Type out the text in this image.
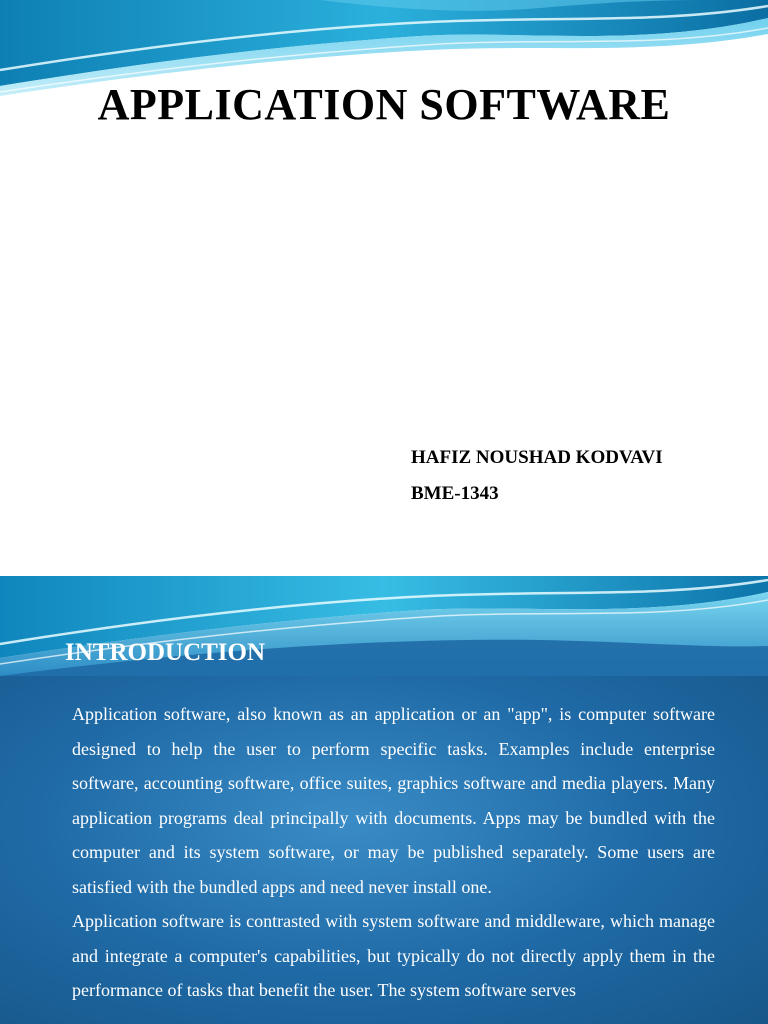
APPLICATION SOFTWARE
HAFIZ NOUSHAD KODVAVI
BME-1343
INTRODUCTION

Application software, also known as an application or an "app", is computer software designed to help the user to perform specific tasks. Examples include enterprise software, accounting software, office suites, graphics software and media players. Many application programs deal principally with documents. Apps may be bundled with the computer and its system software, or may be published separately. Some users are satisfied with the bundled apps and need never install one.

Application software is contrasted with system software and middleware, which manage and integrate a computer's capabilities, but typically do not directly apply them in the performance of tasks that benefit the user. The system software serves
